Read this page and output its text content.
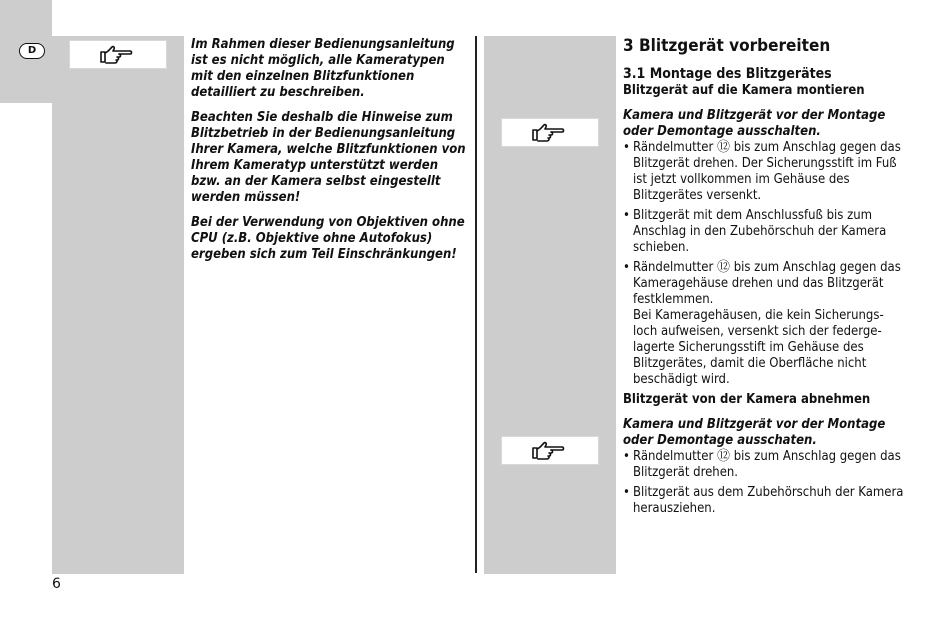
D	Im Rahmen dieser Bedienungsanleitung ist es nicht möglich, alle Kameratypen mit den einzelnen Blitzfunktionen detailliert zu beschreiben.

Beachten Sie deshalb die Hinweise zum Blitzbetrieb in der Bedienungsanleitung Ihrer Kamera, welche Blitzfunktionen von Ihrem Kameratyp unterstützt werden bzw. an der Kamera selbst eingestellt werden müssen!

Bei der Verwendung von Objektiven ohne CPU (z.B. Objektive ohne Autofokus) ergeben sich zum Teil Einschränkungen!

3 Blitzgerät vorbereiten
3.1 Montage des Blitzgerätes
Blitzgerät auf die Kamera montieren

Kamera und Blitzgerät vor der Montage oder Demontage ausschalten.

• Rändelmutter ⑫ bis zum Anschlag gegen das Blitzgerät drehen. Der Sicherungsstift im Fuß ist jetzt vollkommen im Gehäuse des Blitzgerätes versenkt.
• Blitzgerät mit dem Anschlussfuß bis zum Anschlag in den Zubehörschuh der Kamera schieben.
• Rändelmutter ⑫ bis zum Anschlag gegen das Kameragehäuse drehen und das Blitzgerät festklemmen.
Bei Kameragehäusen, die kein Sicherungs-loch aufweisen, versenkt sich der federge-lagerte Sicherungsstift im Gehäuse des Blitzgerätes, damit die Oberfläche nicht beschädigt wird.
Blitzgerät von der Kamera abnehmen

Kamera und Blitzgerät vor der Montage oder Demontage ausschaten.

• Rändelmutter ⑫ bis zum Anschlag gegen das Blitzgerät drehen.
• Blitzgerät aus dem Zubehörschuh der Kamera herausziehen.
6
